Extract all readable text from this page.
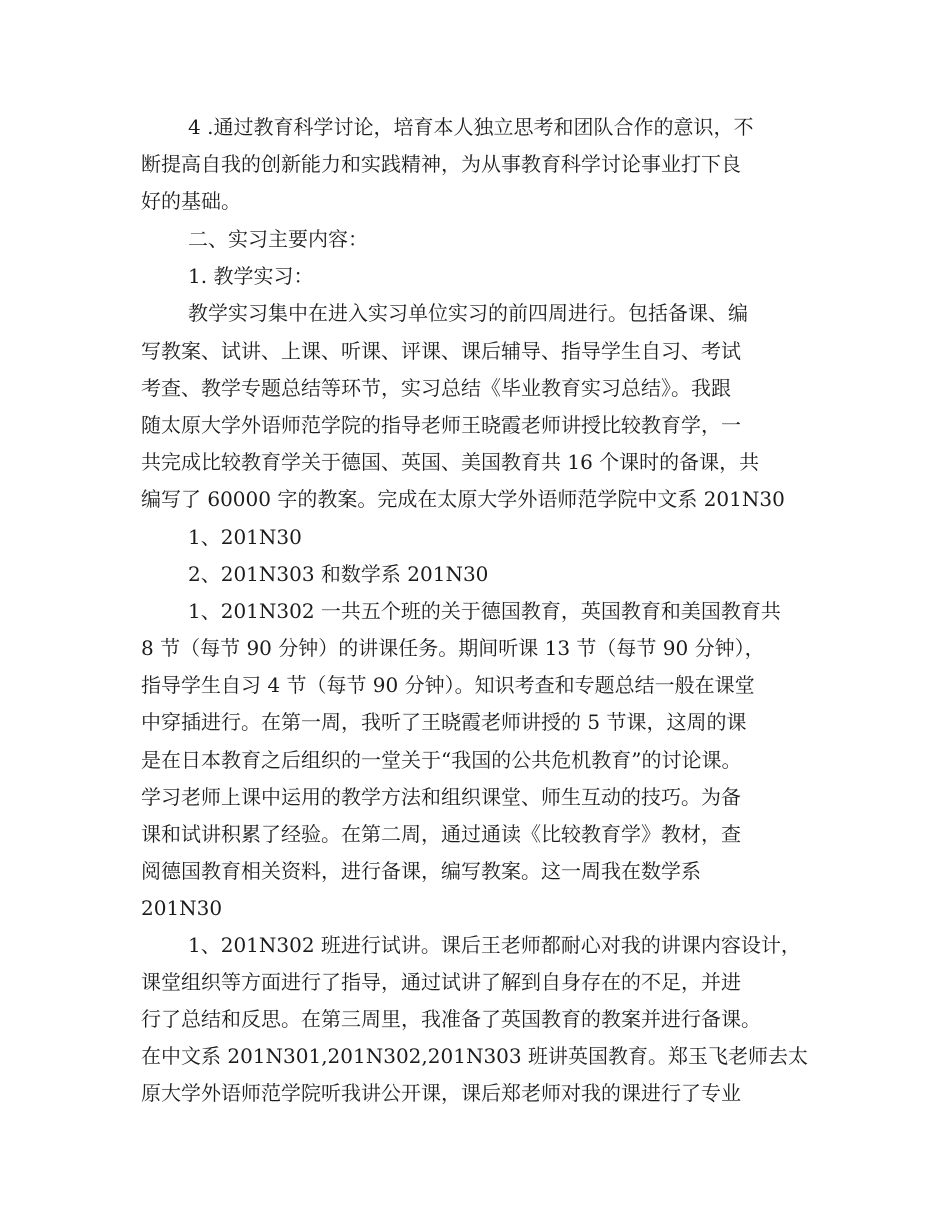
4 .通过教育科学讨论，培育本人独立思考和团队合作的意识，不
断提高自我的创新能力和实践精神，为从事教育科学讨论事业打下良
好的基础。
二、实习主要内容：
1. 教学实习：
教学实习集中在进入实习单位实习的前四周进行。包括备课、编
写教案、试讲、上课、听课、评课、课后辅导、指导学生自习、考试
考查、教学专题总结等环节，实习总结《毕业教育实习总结》。我跟
随太原大学外语师范学院的指导老师王晓霞老师讲授比较教育学，一
共完成比较教育学关于德国、英国、美国教育共 16 个课时的备课，共
编写了 60000 字的教案。完成在太原大学外语师范学院中文系 201N30
1、201N30
2、201N303 和数学系 201N30
1、201N302 一共五个班的关于德国教育，英国教育和美国教育共
8 节（每节 90 分钟）的讲课任务。期间听课 13 节（每节 90 分钟），
指导学生自习 4 节（每节 90 分钟）。知识考查和专题总结一般在课堂
中穿插进行。在第一周，我听了王晓霞老师讲授的 5 节课，这周的课
是在日本教育之后组织的一堂关于“我国的公共危机教育”的讨论课。
学习老师上课中运用的教学方法和组织课堂、师生互动的技巧。为备
课和试讲积累了经验。在第二周，通过通读《比较教育学》教材，查
阅德国教育相关资料，进行备课，编写教案。这一周我在数学系
201N30
1、201N302 班进行试讲。课后王老师都耐心对我的讲课内容设计，
课堂组织等方面进行了指导，通过试讲了解到自身存在的不足，并进
行了总结和反思。在第三周里，我准备了英国教育的教案并进行备课。
在中文系 201N301,201N302,201N303 班讲英国教育。郑玉飞老师去太
原大学外语师范学院听我讲公开课，课后郑老师对我的课进行了专业
